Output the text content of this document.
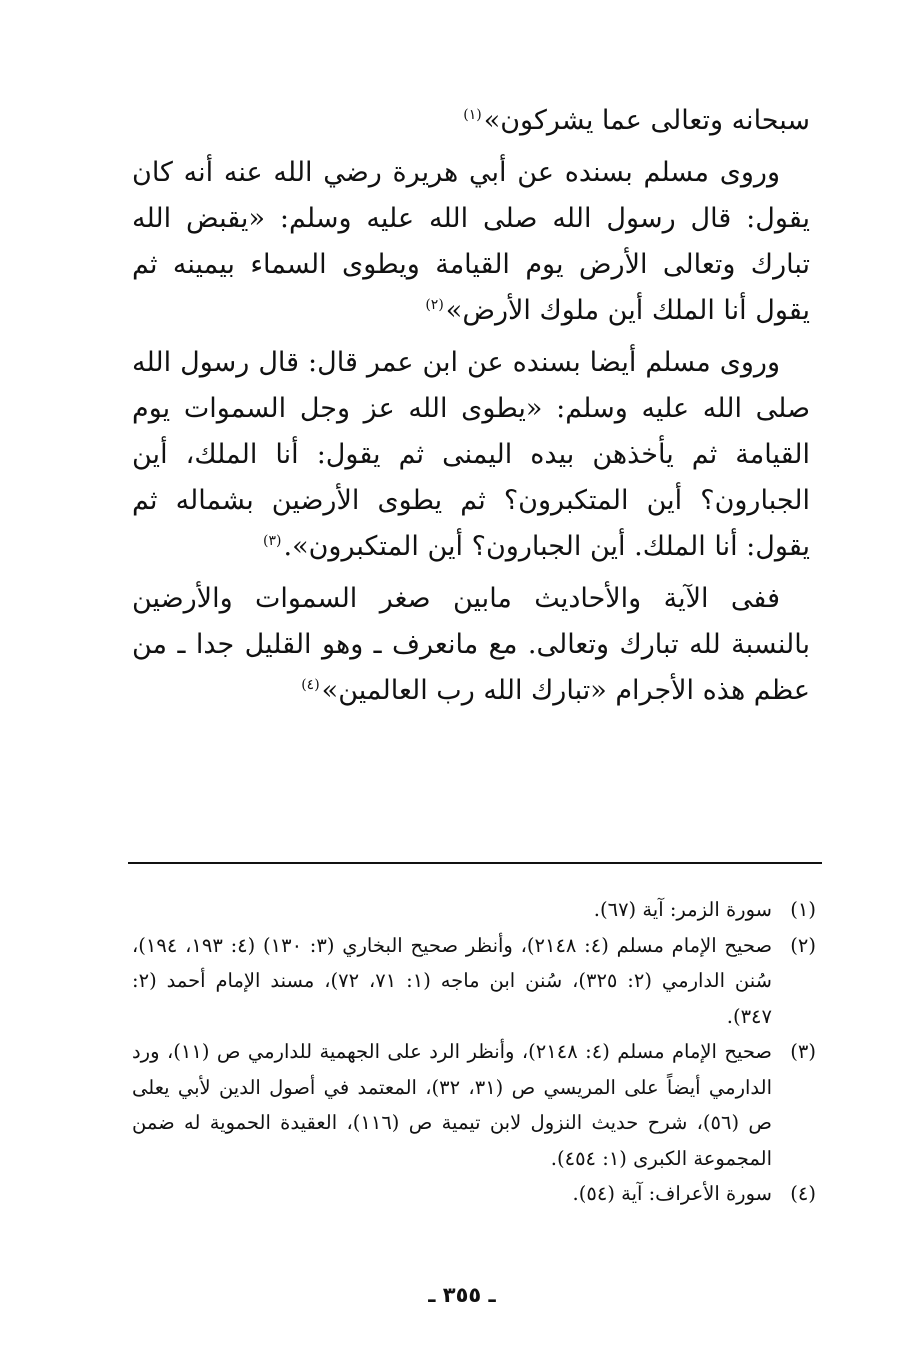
سبحانه وتعالى عما يشركون»$^{(١)}$

وروى مسلم بسنده عن أبي هريرة رضي الله عنه أنه كان يقول: قال رسول الله صلى الله عليه وسلم: «يقبض الله تبارك وتعالى الأرض يوم القيامة ويطوى السماء بيمينه ثم يقول أنا الملك أين ملوك الأرض»$^{(٢)}$

وروى مسلم أيضا بسنده عن ابن عمر قال: قال رسول الله صلى الله عليه وسلم: «يطوى الله عز وجل السموات يوم القيامة ثم يأخذهن بيده اليمنى ثم يقول: أنا الملك، أين الجبارون؟ أين المتكبرون؟ ثم يطوى الأرضين بشماله ثم يقول: أنا الملك. أين الجبارون؟ أين المتكبرون».$^{(٣)}$

ففى الآية والأحاديث مابين صغر السموات والأرضين بالنسبة لله تبارك وتعالى. مع مانعرف ـ وهو القليل جدا ـ من عظم هذه الأجرام «تبارك الله رب العالمين»$^{(٤)}$

(١)
سورة الزمر: آية (٦٧).
(٢)
صحيح الإمام مسلم (٤: ٢١٤٨)، وأنظر صحيح البخاري (٣: ١٣٠) (٤: ١٩٣، ١٩٤)، سُنن الدارمي (٢: ٣٢٥)، سُنن ابن ماجه (١: ٧١، ٧٢)، مسند الإمام أحمد (٢: ٣٤٧).
(٣)
صحيح الإمام مسلم (٤: ٢١٤٨)، وأنظر الرد على الجهمية للدارمي ص (١١)، ورد الدارمي أيضاً على المريسي ص (٣١، ٣٢)، المعتمد في أصول الدين لأبي يعلى ص (٥٦)، شرح حديث النزول لابن تيمية ص (١١٦)، العقيدة الحموية له ضمن المجموعة الكبرى (١: ٤٥٤).
(٤)
سورة الأعراف: آية (٥٤).
ـ ٣٥٥ ـ
